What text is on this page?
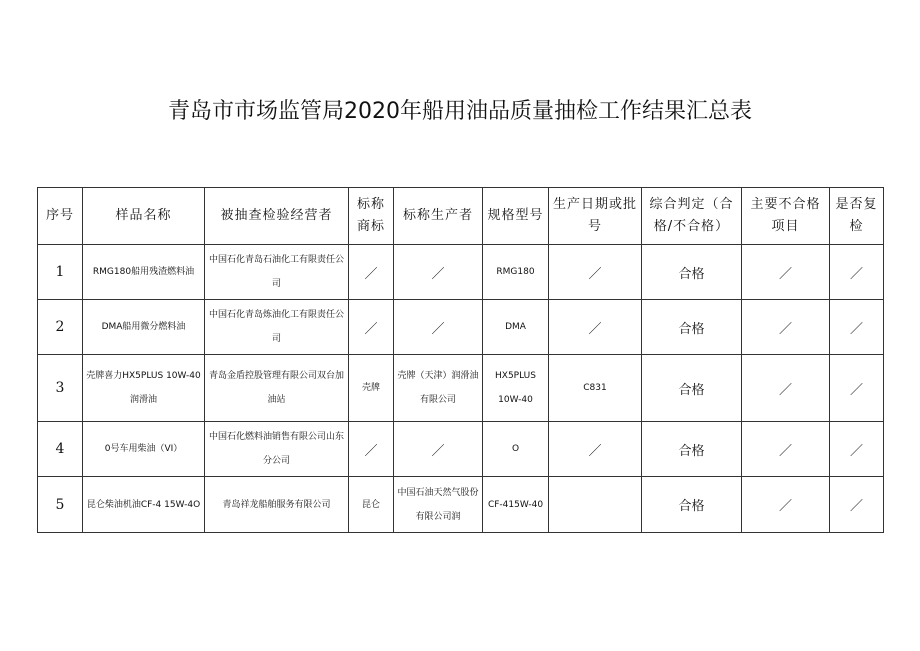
青岛市市场监管局2020年船用油品质量抽检工作结果汇总表
序号	样品名称	被抽查检验经营者	标称商标	标称生产者	规格型号	生产日期或批号	综合判定（合格/不合格）	主要不合格项目	是否复检
1	RMG180船用残渣燃料油	中国石化青岛石油化工有限责任公司	／	／	RMG180	／	合格	／	／
2	DMA船用微分燃料油	中国石化青岛炼油化工有限责任公司	／	／	DMA	／	合格	／	／
3	壳牌喜力HX5PLUS 10W-40润滑油	青岛金盾控股管理有限公司双台加油站	壳牌	壳牌（天津）润滑油有限公司	HX5PLUS 10W-40	C831	合格	／	／
4	0号车用柴油（VI）	中国石化燃料油销售有限公司山东分公司	／	／	O	／	合格	／	／
5	昆仑柴油机油CF-4 15W-4O	青岛祥龙船舶服务有限公司	昆仑	中国石油天然气股份有限公司润	CF-415W-40		合格	／	／
